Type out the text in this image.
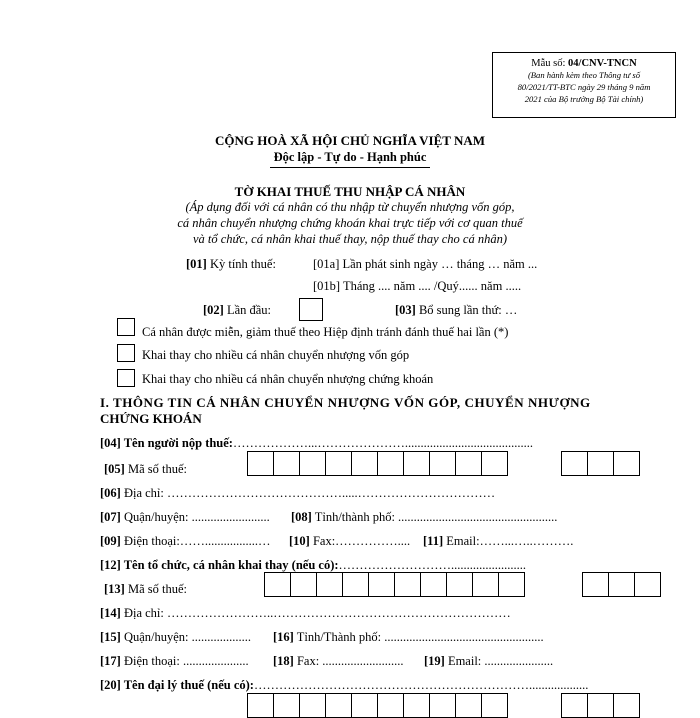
Mẫu số: 04/CNV-TNCN
(Ban hành kèm theo Thông tư số
80/2021/TT-BTC ngày 29 tháng 9 năm
2021 của Bộ trưởng Bộ Tài chính)
CỘNG HOÀ XÃ HỘI CHỦ NGHĨA VIỆT NAM
Độc lập - Tự do - Hạnh phúc
TỜ KHAI THUẾ THU NHẬP CÁ NHÂN
(Áp dụng đối với cá nhân có thu nhập từ chuyển nhượng vốn góp,
cá nhân chuyển nhượng chứng khoán khai trực tiếp với cơ quan thuế
và tổ chức, cá nhân khai thuế thay, nộp thuế thay cho cá nhân)
[01] Kỳ tính thuế:	[01a] Lần phát sinh ngày … tháng … năm ...
[01b] Tháng .... năm .... /Quý...... năm .....
[02] Lần đầu:	[03] Bổ sung lần thứ: …
Cá nhân được miễn, giảm thuế theo Hiệp định tránh đánh thuế hai lần (*)
Khai thay cho nhiều cá nhân chuyển nhượng vốn góp
Khai thay cho nhiều cá nhân chuyển nhượng chứng khoán
I. THÔNG TIN CÁ NHÂN CHUYỂN NHƯỢNG VỐN GÓP, CHUYỂN NHƯỢNG
CHỨNG KHOÁN
[04] Tên người nộp thuế:………………...………………….........................................
[05] Mã số thuế:
[06] Địa chỉ: …………………………………….....……………………………
[07] Quận/huyện: ......................... [08] Tỉnh/thành phố: ...................................................
[09] Điện thoại:…….................… [10] Fax:…………….... [11] Email:……...…..……….
[12] Tên tổ chức, cá nhân khai thay (nếu có):………………………........................
[13] Mã số thuế:
[14] Địa chỉ: ……………………..…………………………………………………
[15] Quận/huyện: ................... [16] Tỉnh/Thành phố: ...................................................
[17] Điện thoại: ..................... [18] Fax: .......................... [19] Email: ......................
[20] Tên đại lý thuế (nếu có):…………………………………………………………...................
